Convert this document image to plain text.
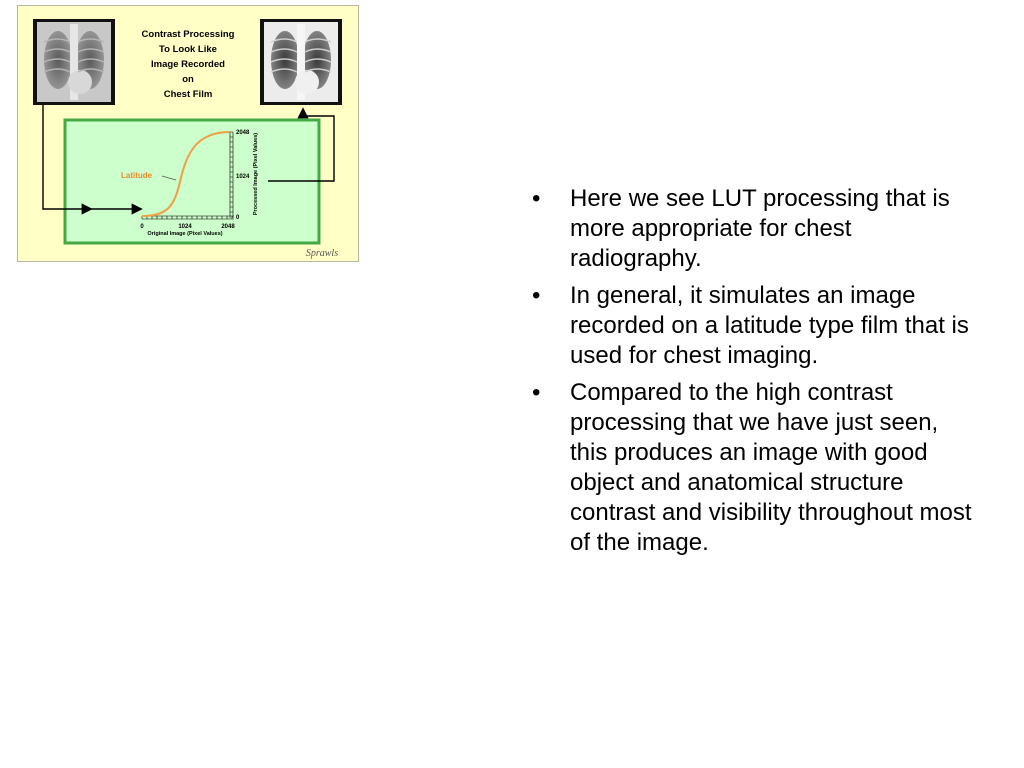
Contrast Processing
To Look Like
Image Recorded
on
Chest Film
Latitude
0	1024	2048
2048
1024
0
Original Image (Pixel Values)
Processed Image (Pixel Values)
Sprawls
• Here we see LUT processing that is more appropriate for chest radiography.
• In general, it simulates an image recorded on a latitude type film that is used for chest imaging.
• Compared to the high contrast processing that we have just seen, this produces an image with good object and anatomical structure contrast and visibility throughout most of the image.
